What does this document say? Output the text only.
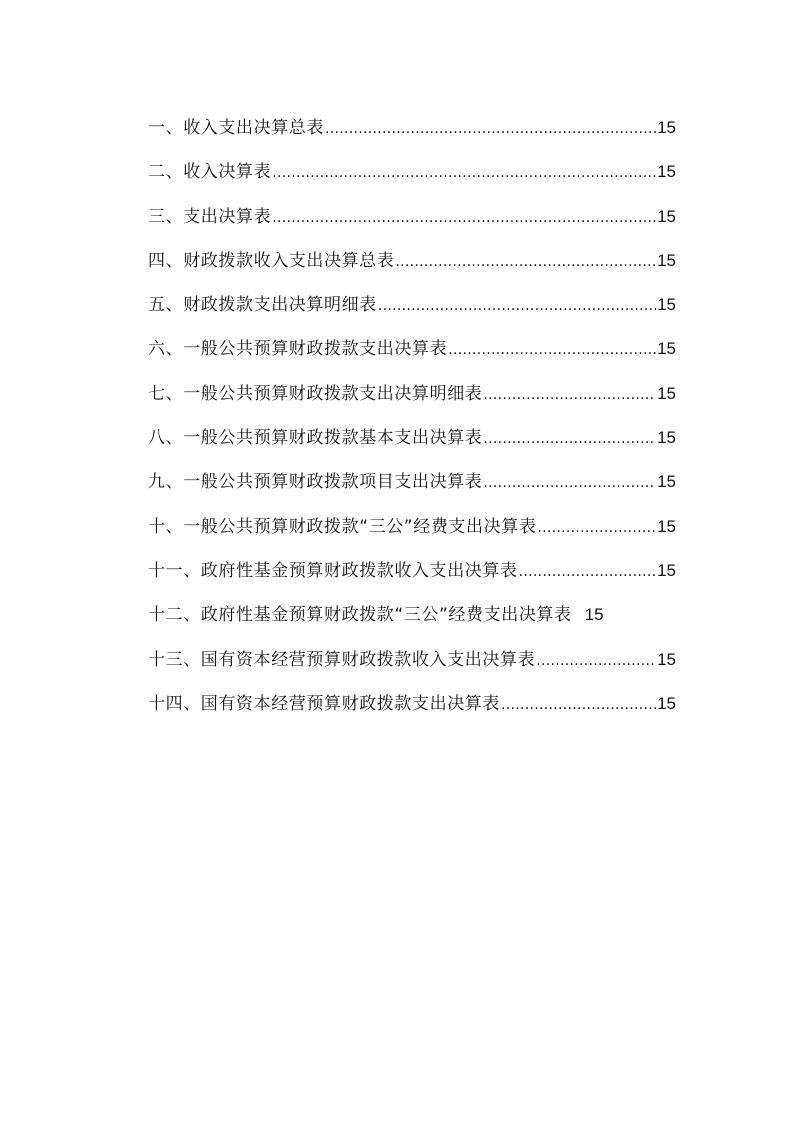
一、收入支出决算总表 .....	15
二、收入决算表 .....	15
三、支出决算表 .....	15
四、财政拨款收入支出决算总表 .....	15
五、财政拨款支出决算明细表 .....	15
六、一般公共预算财政拨款支出决算表 .....	15
七、一般公共预算财政拨款支出决算明细表 .....	15
八、一般公共预算财政拨款基本支出决算表 .....	15
九、一般公共预算财政拨款项目支出决算表 .....	15
十、一般公共预算财政拨款“三公”经费支出决算表 .....	15
十一、政府性基金预算财政拨款收入支出决算表 .....	15
十二、政府性基金预算财政拨款“三公”经费支出决算表 15
十三、国有资本经营预算财政拨款收入支出决算表 .....	15
十四、国有资本经营预算财政拨款支出决算表 .....	15
